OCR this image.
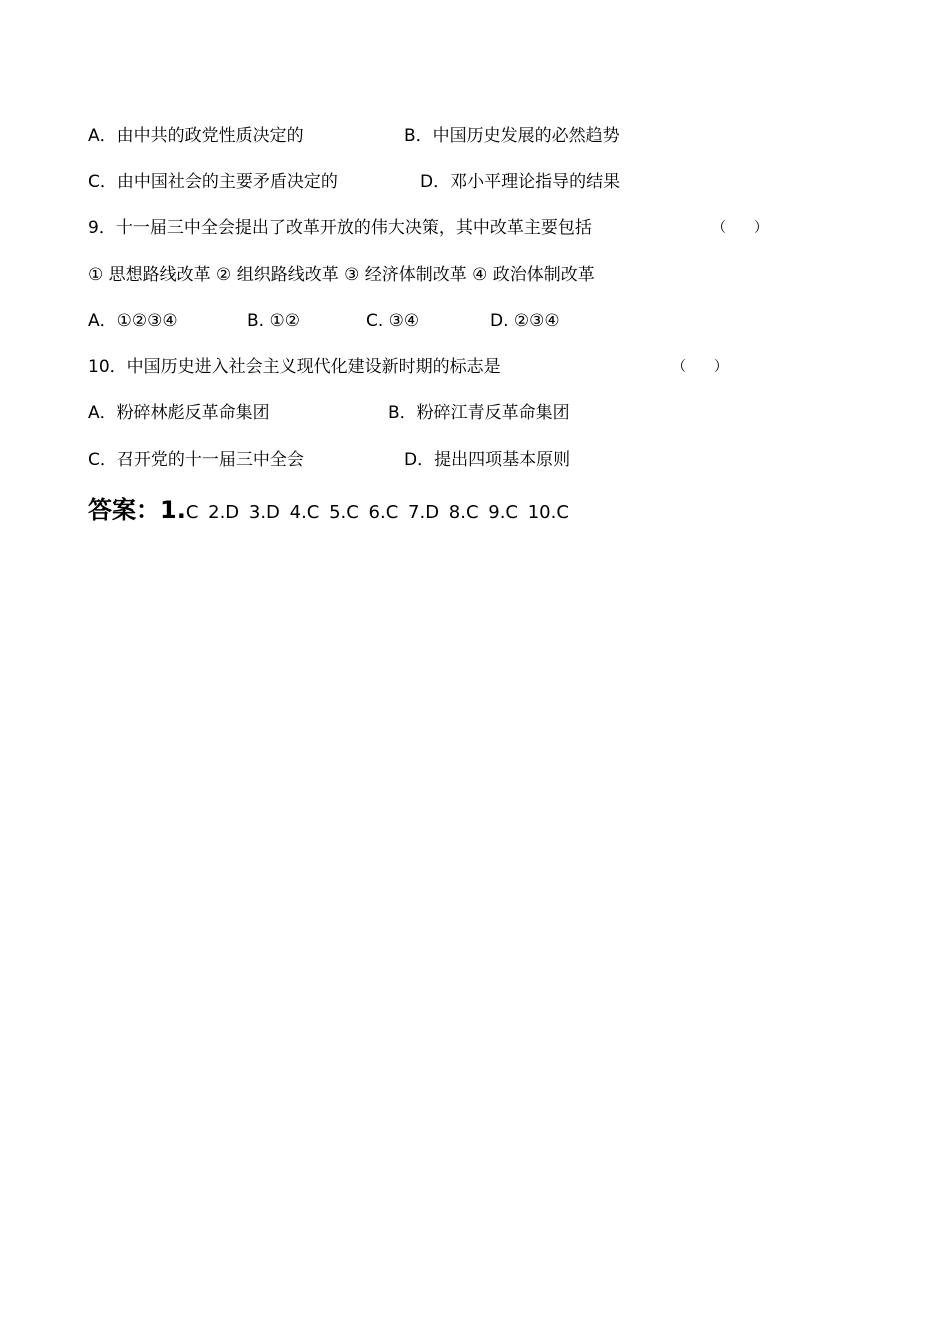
A．由中共的政党性质决定的	B．中国历史发展的必然趋势
C．由中国社会的主要矛盾决定的	D．邓小平理论指导的结果
9．十一届三中全会提出了改革开放的伟大决策，其中改革主要包括	（　　）
① 思想路线改革 ② 组织路线改革 ③ 经济体制改革 ④ 政治体制改革
A．①②③④	B. ①②	C. ③④	D. ②③④
10．中国历史进入社会主义现代化建设新时期的标志是	（　　）
A．粉碎林彪反革命集团	B．粉碎江青反革命集团
C．召开党的十一届三中全会	D．提出四项基本原则
答案：1.C 2.D 3.D 4.C 5.C 6.C 7.D 8.C 9.C 10.C
